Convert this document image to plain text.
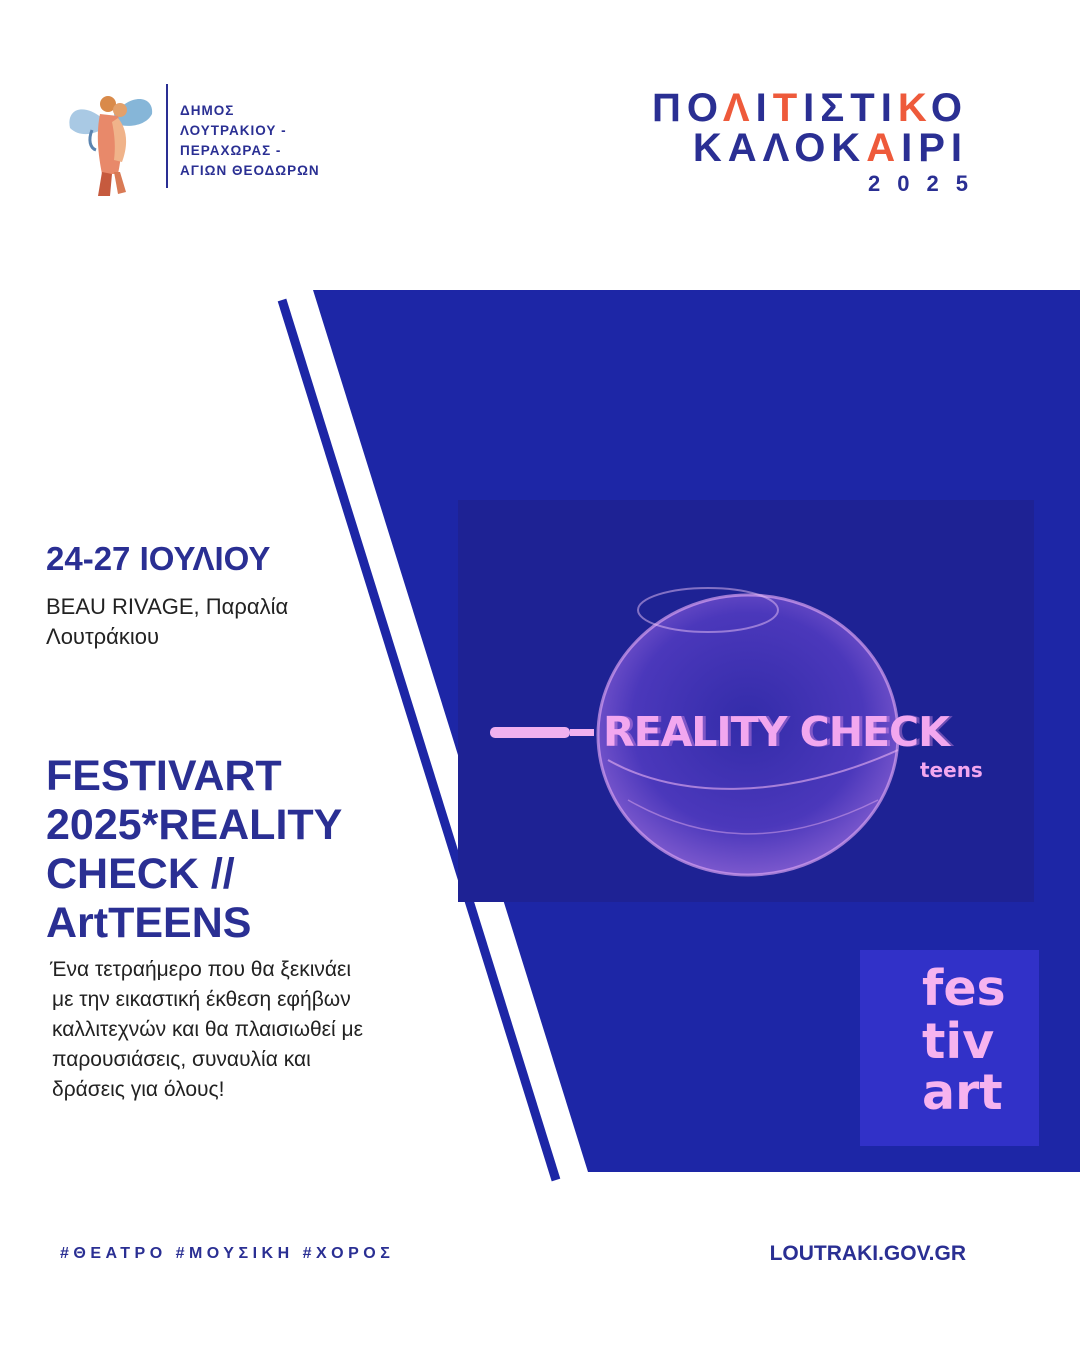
ΔΗΜΟΣ
ΛΟΥΤΡΑΚΙΟΥ -
ΠΕΡΑΧΩΡΑΣ -
ΑΓΙΩΝ ΘΕΟΔΩΡΩΝ
ΠΟΛΙΤΙΣΤΙΚΟ
ΚΑΛΟΚΑΙΡΙ
2025
REALITY CHECK
teens
fes
tiv
art
24-27 ΙΟΥΛΙΟΥ
BEAU RIVAGE, Παραλία
Λουτράκιου
FESTIVART
2025*REALITY
CHECK //
ArtTEENS
Ένα τετραήμερο που θα ξεκινάει
με την εικαστική έκθεση εφήβων
καλλιτεχνών και θα πλαισιωθεί με
παρουσιάσεις, συναυλία και
δράσεις για όλους!
#ΘΕΑΤΡΟ #ΜΟΥΣΙΚΗ #ΧΟΡΟΣ	LOUTRAKI.GOV.GR
